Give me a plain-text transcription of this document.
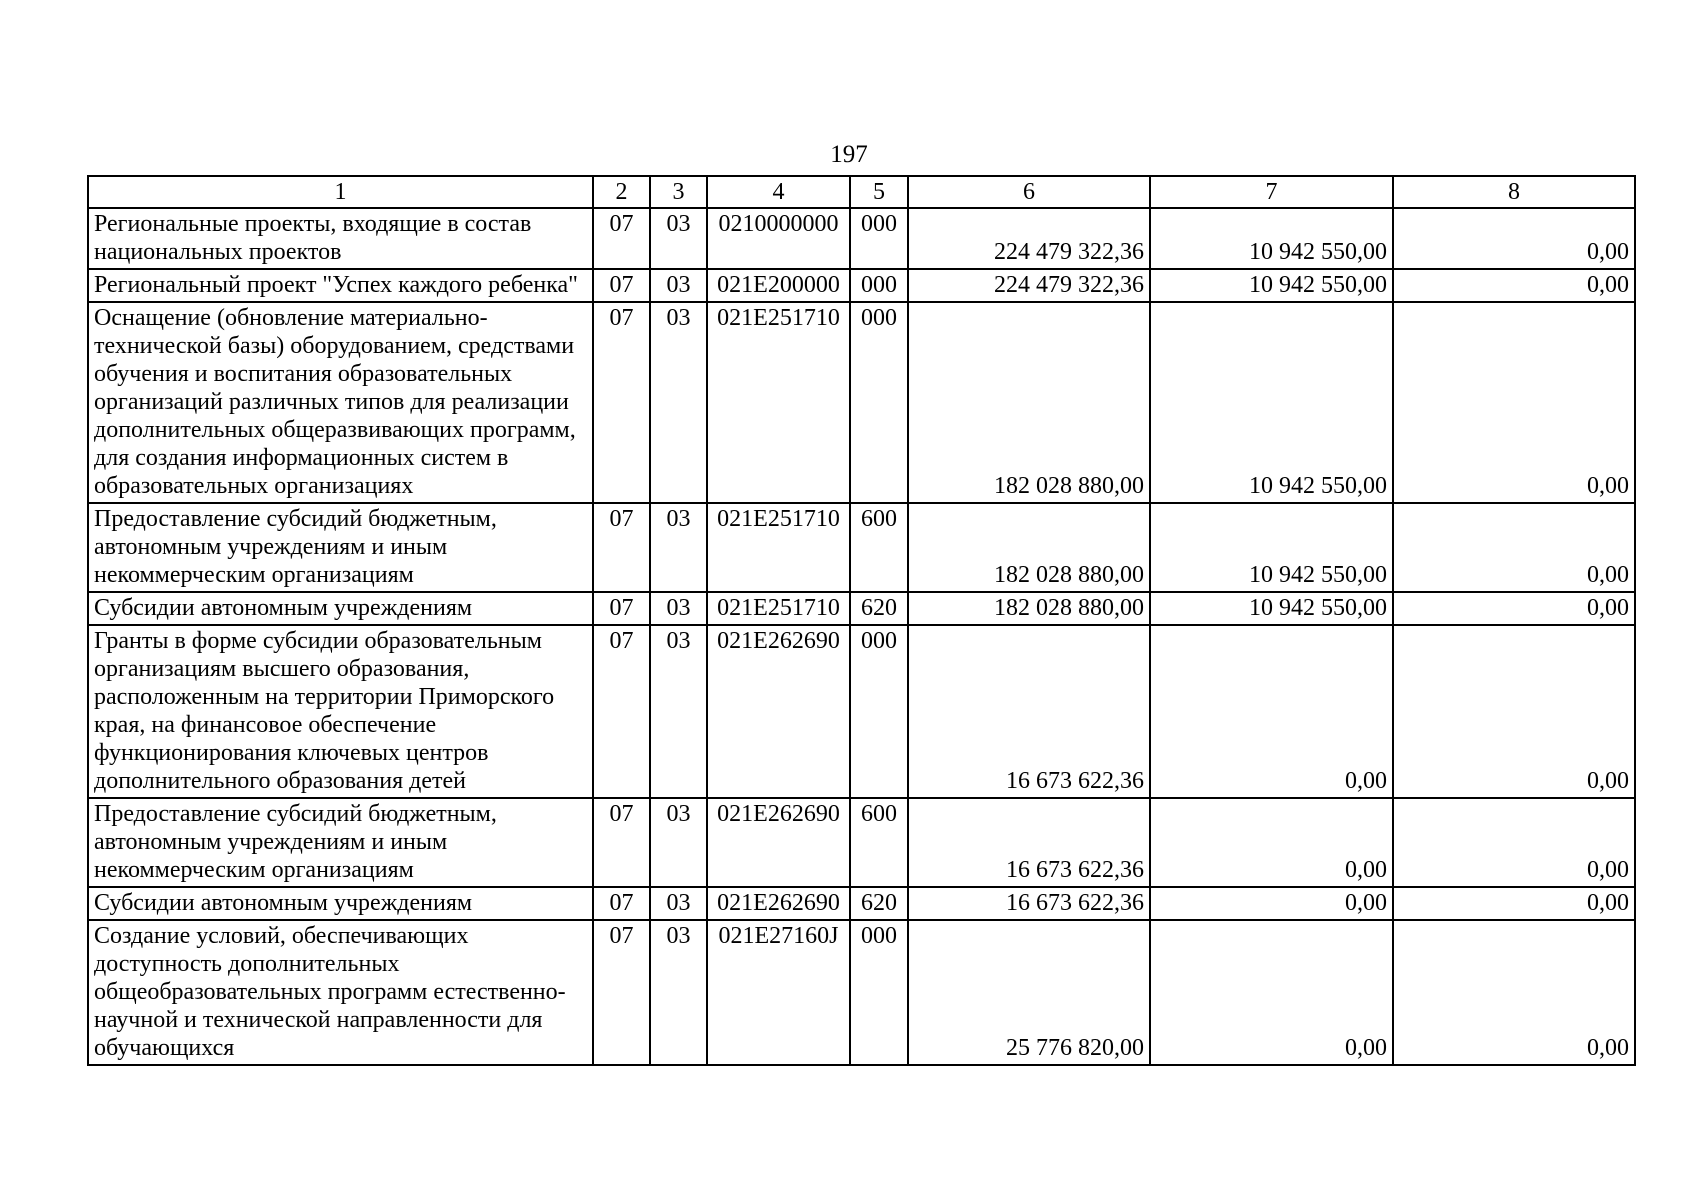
197
1	2	3	4	5	6	7	8
Региональные проекты, входящие в состав национальных проектов	07	03	0210000000	000	224 479 322,36	10 942 550,00	0,00
Региональный проект "Успех каждого ребенка"	07	03	021E200000	000	224 479 322,36	10 942 550,00	0,00
Оснащение (обновление материально-технической базы) оборудованием, средствами обучения и воспитания образовательных организаций различных типов для реализации дополнительных общеразвивающих программ, для создания информационных систем в образовательных организациях	07	03	021E251710	000	182 028 880,00	10 942 550,00	0,00
Предоставление субсидий бюджетным, автономным учреждениям и иным некоммерческим организациям	07	03	021E251710	600	182 028 880,00	10 942 550,00	0,00
Субсидии автономным учреждениям	07	03	021E251710	620	182 028 880,00	10 942 550,00	0,00
Гранты в форме субсидии образовательным организациям высшего образования, расположенным на территории Приморского края, на финансовое обеспечение функционирования ключевых центров дополнительного образования детей	07	03	021E262690	000	16 673 622,36	0,00	0,00
Предоставление субсидий бюджетным, автономным учреждениям и иным некоммерческим организациям	07	03	021E262690	600	16 673 622,36	0,00	0,00
Субсидии автономным учреждениям	07	03	021E262690	620	16 673 622,36	0,00	0,00
Создание условий, обеспечивающих доступность дополнительных общеобразовательных программ естественно-научной и технической направленности для обучающихся	07	03	021E27160J	000	25 776 820,00	0,00	0,00
